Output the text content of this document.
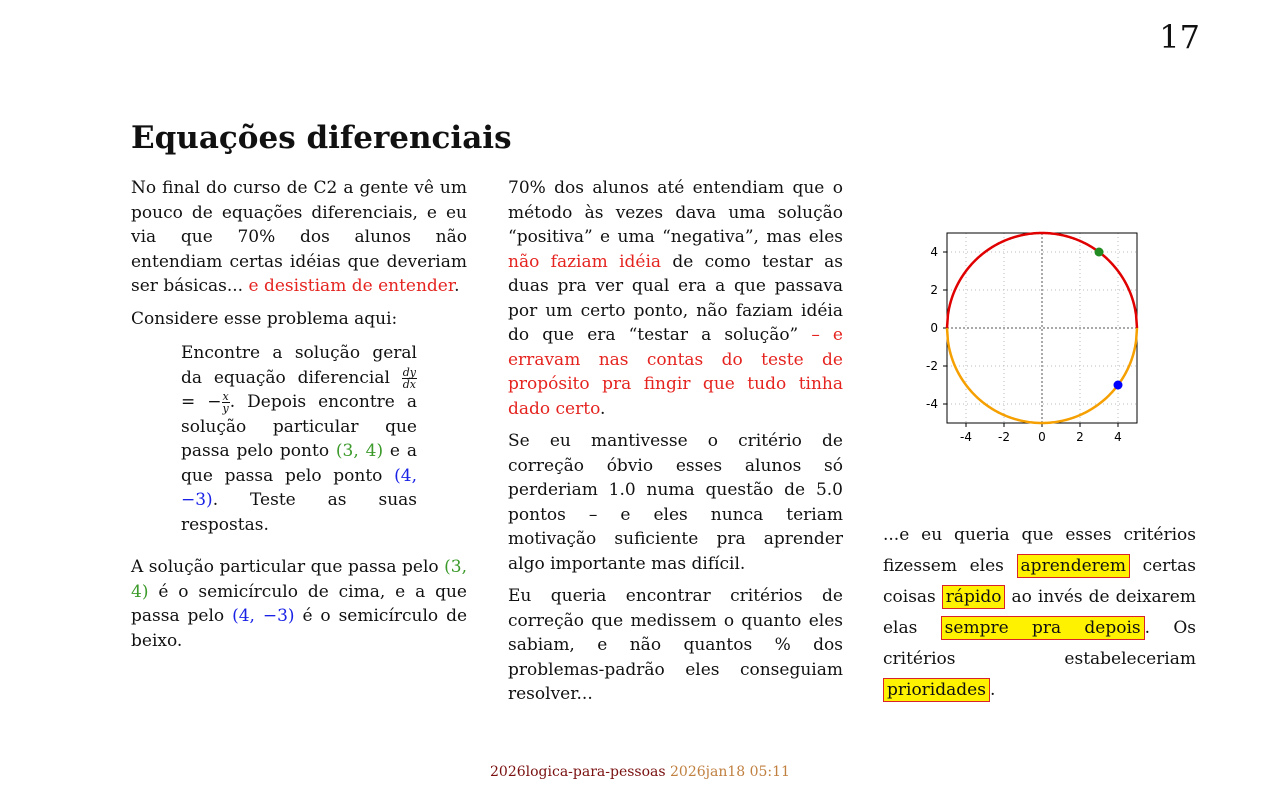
17
Equações diferenciais

No final do curso de C2 a gente vê um pouco de equações diferenciais, e eu via que 70% dos alunos não entendiam certas idéias que deveriam ser básicas... e desistiam de entender.

Considere esse problema aqui:

Encontre a solução geral da equação diferencial $\frac{dy}{dx}$
= − $\frac{x}{y}$ . Depois encontre a solução particular que passa pelo ponto (3, 4) e a que passa pelo ponto (4, −3). Teste as suas respostas.

A solução particular que passa pelo (3, 4) é o semicírculo de cima, e a que passa pelo (4, −3) é o semicírculo de beixo.

70% dos alunos até entendiam que o método às vezes dava uma solução “positiva” e uma “negativa”, mas eles não faziam idéia de como testar as duas pra ver qual era a que passava por um certo ponto, não faziam idéia do que era “testar a solução” – e erravam nas contas do teste de propósito pra fingir que tudo tinha dado certo.

Se eu mantivesse o critério de correção óbvio esses alunos só perderiam 1.0 numa questão de 5.0 pontos – e eles nunca teriam motivação suficiente pra aprender algo importante mas difícil.

Eu queria encontrar critérios de correção que medissem o quanto eles sabiam, e não quantos % dos problemas-padrão eles conseguiam resolver...

-4 -2 0	2	4
-4
-2
0
2
4

...e eu queria que esses critérios fizessem eles aprenderem certas coisas rápido ao invés de deixarem elas sempre pra depois . Os critérios estabeleceriam prioridades .

2026logica-para-pessoas 2026jan18 05:11
